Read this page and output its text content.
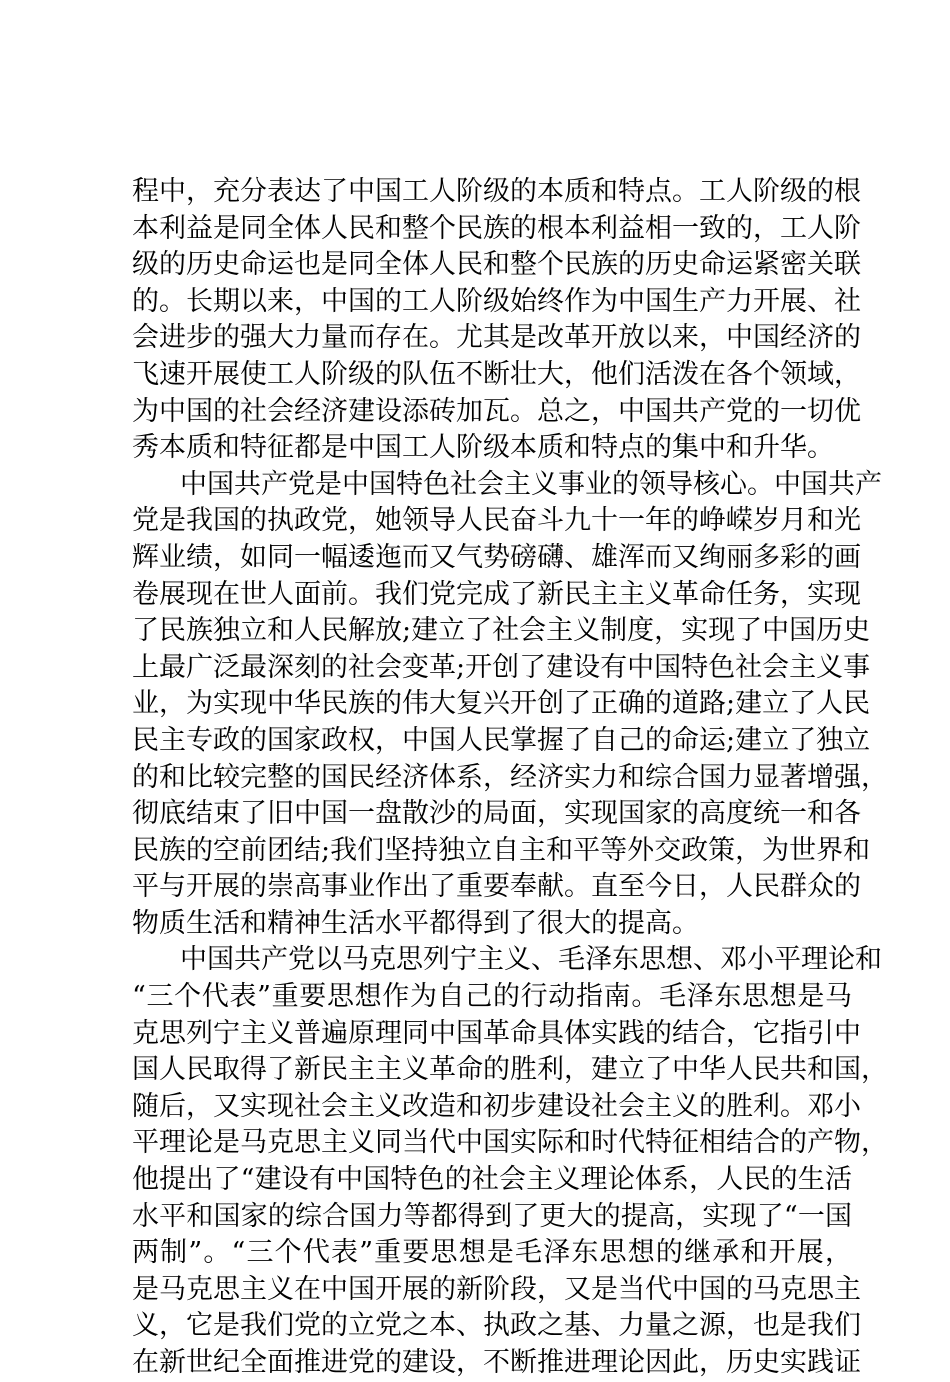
程中，充分表达了中国工人阶级的本质和特点。工人阶级的根
本利益是同全体人民和整个民族的根本利益相一致的，工人阶
级的历史命运也是同全体人民和整个民族的历史命运紧密关联
的。长期以来，中国的工人阶级始终作为中国生产力开展、社
会进步的强大力量而存在。尤其是改革开放以来，中国经济的
飞速开展使工人阶级的队伍不断壮大，他们活泼在各个领域，
为中国的社会经济建设添砖加瓦。总之，中国共产党的一切优
秀本质和特征都是中国工人阶级本质和特点的集中和升华。
中国共产党是中国特色社会主义事业的领导核心。中国共产
党是我国的执政党，她领导人民奋斗九十一年的峥嵘岁月和光
辉业绩，如同一幅逶迤而又气势磅礴、雄浑而又绚丽多彩的画
卷展现在世人面前。我们党完成了新民主主义革命任务，实现
了民族独立和人民解放;建立了社会主义制度，实现了中国历史
上最广泛最深刻的社会变革;开创了建设有中国特色社会主义事
业，为实现中华民族的伟大复兴开创了正确的道路;建立了人民
民主专政的国家政权，中国人民掌握了自己的命运;建立了独立
的和比较完整的国民经济体系，经济实力和综合国力显著增强，
彻底结束了旧中国一盘散沙的局面，实现国家的高度统一和各
民族的空前团结;我们坚持独立自主和平等外交政策，为世界和
平与开展的崇高事业作出了重要奉献。直至今日，人民群众的
物质生活和精神生活水平都得到了很大的提高。
中国共产党以马克思列宁主义、毛泽东思想、邓小平理论和
“三个代表”重要思想作为自己的行动指南。毛泽东思想是马
克思列宁主义普遍原理同中国革命具体实践的结合，它指引中
国人民取得了新民主主义革命的胜利，建立了中华人民共和国，
随后，又实现社会主义改造和初步建设社会主义的胜利。邓小
平理论是马克思主义同当代中国实际和时代特征相结合的产物，
他提出了“建设有中国特色的社会主义理论体系，人民的生活
水平和国家的综合国力等都得到了更大的提高，实现了“一国
两制”。“三个代表”重要思想是毛泽东思想的继承和开展，
是马克思主义在中国开展的新阶段，又是当代中国的马克思主
义，它是我们党的立党之本、执政之基、力量之源，也是我们
在新世纪全面推进党的建设，不断推进理论因此，历史实践证
